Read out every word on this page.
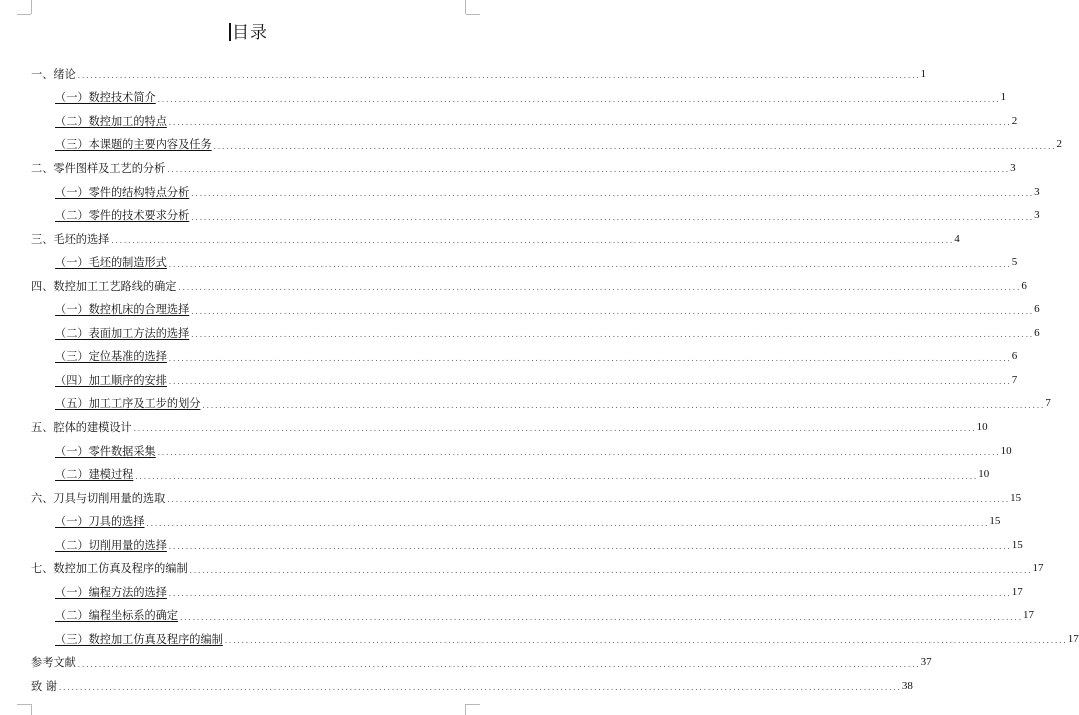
目录
一、绪论 ........................................................................................................................................................................................................ 1
（一）数控技术简介 ........................................................................................................................................................................................................ 1
（二）数控加工的特点 ........................................................................................................................................................................................................ 2
（三）本课题的主要内容及任务 ........................................................................................................................................................................................................ 2
二、零件图样及工艺的分析 ........................................................................................................................................................................................................ 3
（一）零件的结构特点分析 ........................................................................................................................................................................................................ 3
（二）零件的技术要求分析 ........................................................................................................................................................................................................ 3
三、毛坯的选择 ........................................................................................................................................................................................................ 4
（一）毛坯的制造形式 ........................................................................................................................................................................................................ 5
四、数控加工工艺路线的确定 ........................................................................................................................................................................................................ 6
（一）数控机床的合理选择 ........................................................................................................................................................................................................ 6
（二）表面加工方法的选择 ........................................................................................................................................................................................................ 6
（三）定位基准的选择 ........................................................................................................................................................................................................ 6
（四）加工顺序的安排 ........................................................................................................................................................................................................ 7
（五）加工工序及工步的划分 ........................................................................................................................................................................................................ 7
五、腔体的建模设计 ........................................................................................................................................................................................................ 10
（一）零件数据采集 ........................................................................................................................................................................................................ 10
（二）建模过程 ........................................................................................................................................................................................................ 10
六、刀具与切削用量的选取 ........................................................................................................................................................................................................ 15
（一）刀具的选择 ........................................................................................................................................................................................................ 15
（二）切削用量的选择 ........................................................................................................................................................................................................ 15
七、数控加工仿真及程序的编制 ........................................................................................................................................................................................................ 17
（一）编程方法的选择 ........................................................................................................................................................................................................ 17
（二）编程坐标系的确定 ........................................................................................................................................................................................................ 17
（三）数控加工仿真及程序的编制 ........................................................................................................................................................................................................ 17
参考文献 ........................................................................................................................................................................................................ 37
致 谢 ........................................................................................................................................................................................................ 38
